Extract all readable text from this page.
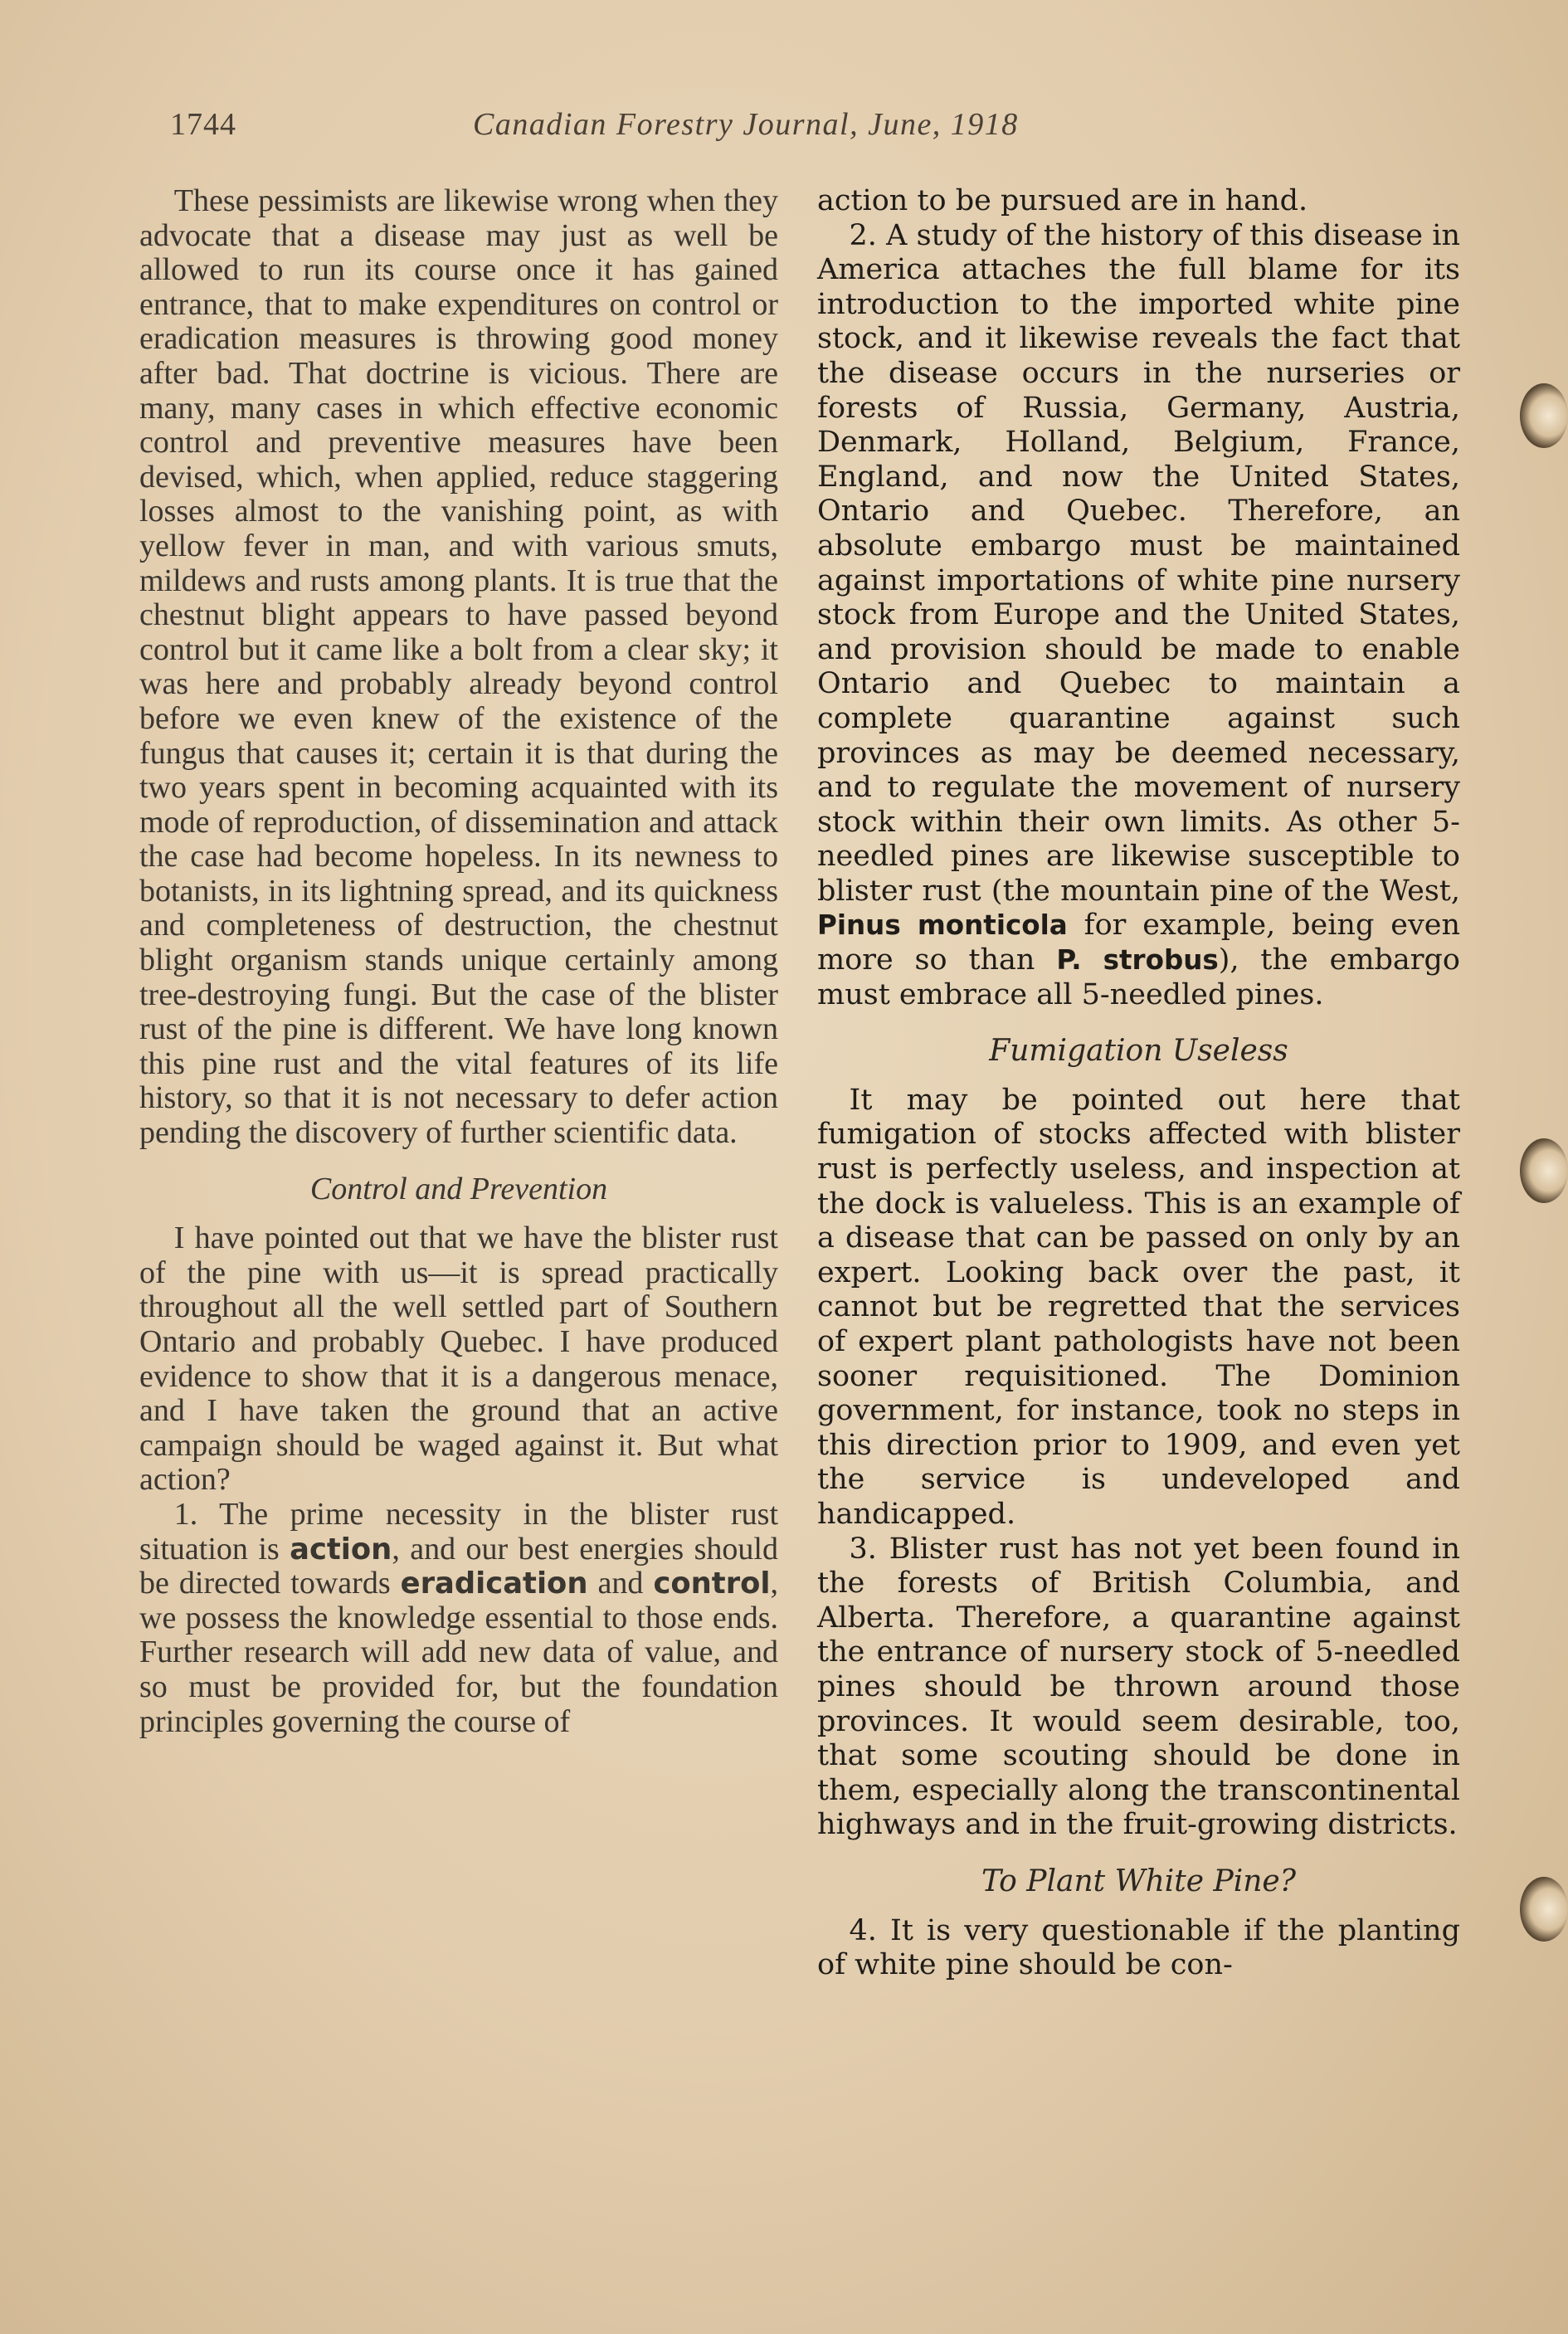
1744	Canadian Forestry Journal, June, 1918

These pessimists are likewise wrong when they advocate that a disease may just as well be allowed to run its course once it has gained entrance, that to make expenditures on control or eradication measures is throwing good money after bad. That doctrine is vicious. There are many, many cases in which effective economic control and preventive measures have been devised, which, when applied, reduce staggering losses almost to the vanishing point, as with yellow fever in man, and with various smuts, mildews and rusts among plants. It is true that the chestnut blight appears to have passed beyond control but it came like a bolt from a clear sky; it was here and probably already beyond control before we even knew of the existence of the fungus that causes it; certain it is that during the two years spent in becoming acquainted with its mode of reproduction, of dissemination and attack the case had become hopeless. In its newness to botanists, in its lightning spread, and its quickness and completeness of destruction, the chestnut blight organism stands unique certainly among tree-destroying fungi. But the case of the blister rust of the pine is different. We have long known this pine rust and the vital features of its life history, so that it is not necessary to defer action pending the discovery of further scientific data.

Control and Prevention

I have pointed out that we have the blister rust of the pine with us—it is spread practically throughout all the well settled part of Southern Ontario and probably Quebec. I have produced evidence to show that it is a dangerous menace, and I have taken the ground that an active campaign should be waged against it. But what action?

1. The prime necessity in the blister rust situation is action, and our best energies should be directed towards eradication and control, we possess the knowledge essential to those ends. Further research will add new data of value, and so must be provided for, but the foundation principles governing the course of

action to be pursued are in hand.

2. A study of the history of this disease in America attaches the full blame for its introduction to the imported white pine stock, and it likewise reveals the fact that the disease occurs in the nurseries or forests of Russia, Germany, Austria, Denmark, Holland, Belgium, France, England, and now the United States, Ontario and Quebec. Therefore, an absolute embargo must be maintained against importations of white pine nursery stock from Europe and the United States, and provision should be made to enable Ontario and Quebec to maintain a complete quarantine against such provinces as may be deemed necessary, and to regulate the movement of nursery stock within their own limits. As other 5-needled pines are likewise susceptible to blister rust (the mountain pine of the West, Pinus monticola for example, being even more so than P. strobus), the embargo must embrace all 5-needled pines.

Fumigation Useless

It may be pointed out here that fumigation of stocks affected with blister rust is perfectly useless, and inspection at the dock is valueless. This is an example of a disease that can be passed on only by an expert. Looking back over the past, it cannot but be regretted that the services of expert plant pathologists have not been sooner requisitioned. The Dominion government, for instance, took no steps in this direction prior to 1909, and even yet the service is undeveloped and handicapped.

3. Blister rust has not yet been found in the forests of British Columbia, and Alberta. Therefore, a quarantine against the entrance of nursery stock of 5-needled pines should be thrown around those provinces. It would seem desirable, too, that some scouting should be done in them, especially along the transcontinental highways and in the fruit-growing districts.

To Plant White Pine?

4. It is very questionable if the planting of white pine should be con-
